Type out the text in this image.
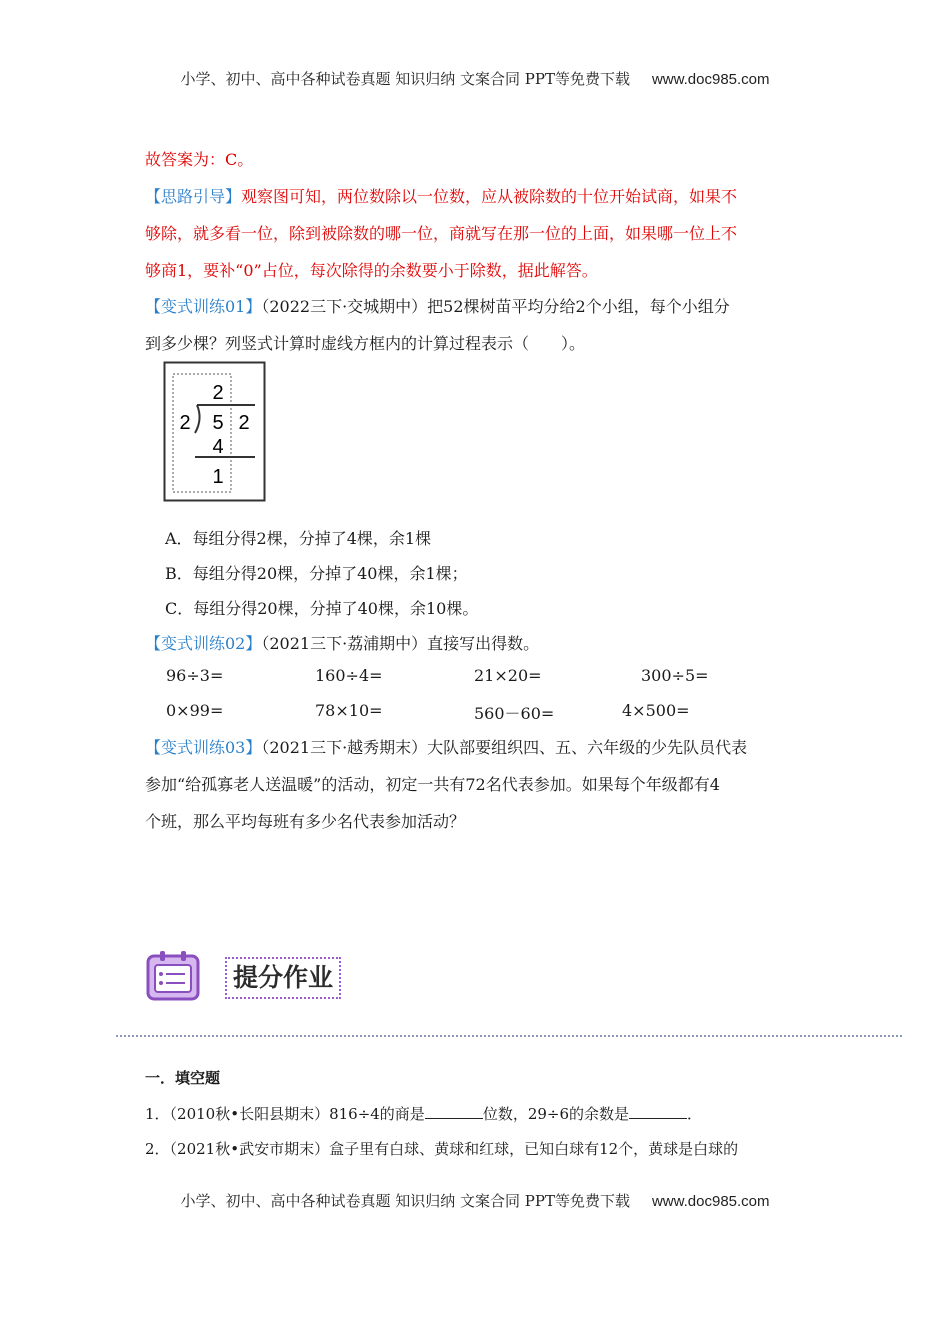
小学、初中、高中各种试卷真题 知识归纳 文案合同 PPT等免费下载 www.doc985.com
故答案为：C。
【思路引导】观察图可知，两位数除以一位数，应从被除数的十位开始试商，如果不
够除，就多看一位，除到被除数的哪一位，商就写在那一位的上面，如果哪一位上不
够商1，要补“0”占位，每次除得的余数要小于除数，据此解答。
【变式训练01】（2022三下·交城期中）把52棵树苗平均分给2个小组，每个小组分
到多少棵？列竖式计算时虚线方框内的计算过程表示（　　）。
2
2 5 2
4
1
A．每组分得2棵，分掉了4棵，余1棵
B．每组分得20棵，分掉了40棵，余1棵；
C．每组分得20棵，分掉了40棵，余10棵。
【变式训练02】（2021三下·荔浦期中）直接写出得数。
96÷3=	160÷4=	21×20=	300÷5=
0×99=	78×10=	560－60=	4×500=
【变式训练03】（2021三下·越秀期末）大队部要组织四、五、六年级的少先队员代表
参加“给孤寡老人送温暖”的活动，初定一共有72名代表参加。如果每个年级都有4
个班，那么平均每班有多少名代表参加活动？
提分作业
一．填空题
1．（2010秋•长阳县期末）816÷4的商是	位数，29÷6的余数是	．
2．（2021秋•武安市期末）盒子里有白球、黄球和红球，已知白球有12个，黄球是白球的
小学、初中、高中各种试卷真题 知识归纳 文案合同 PPT等免费下载 www.doc985.com
